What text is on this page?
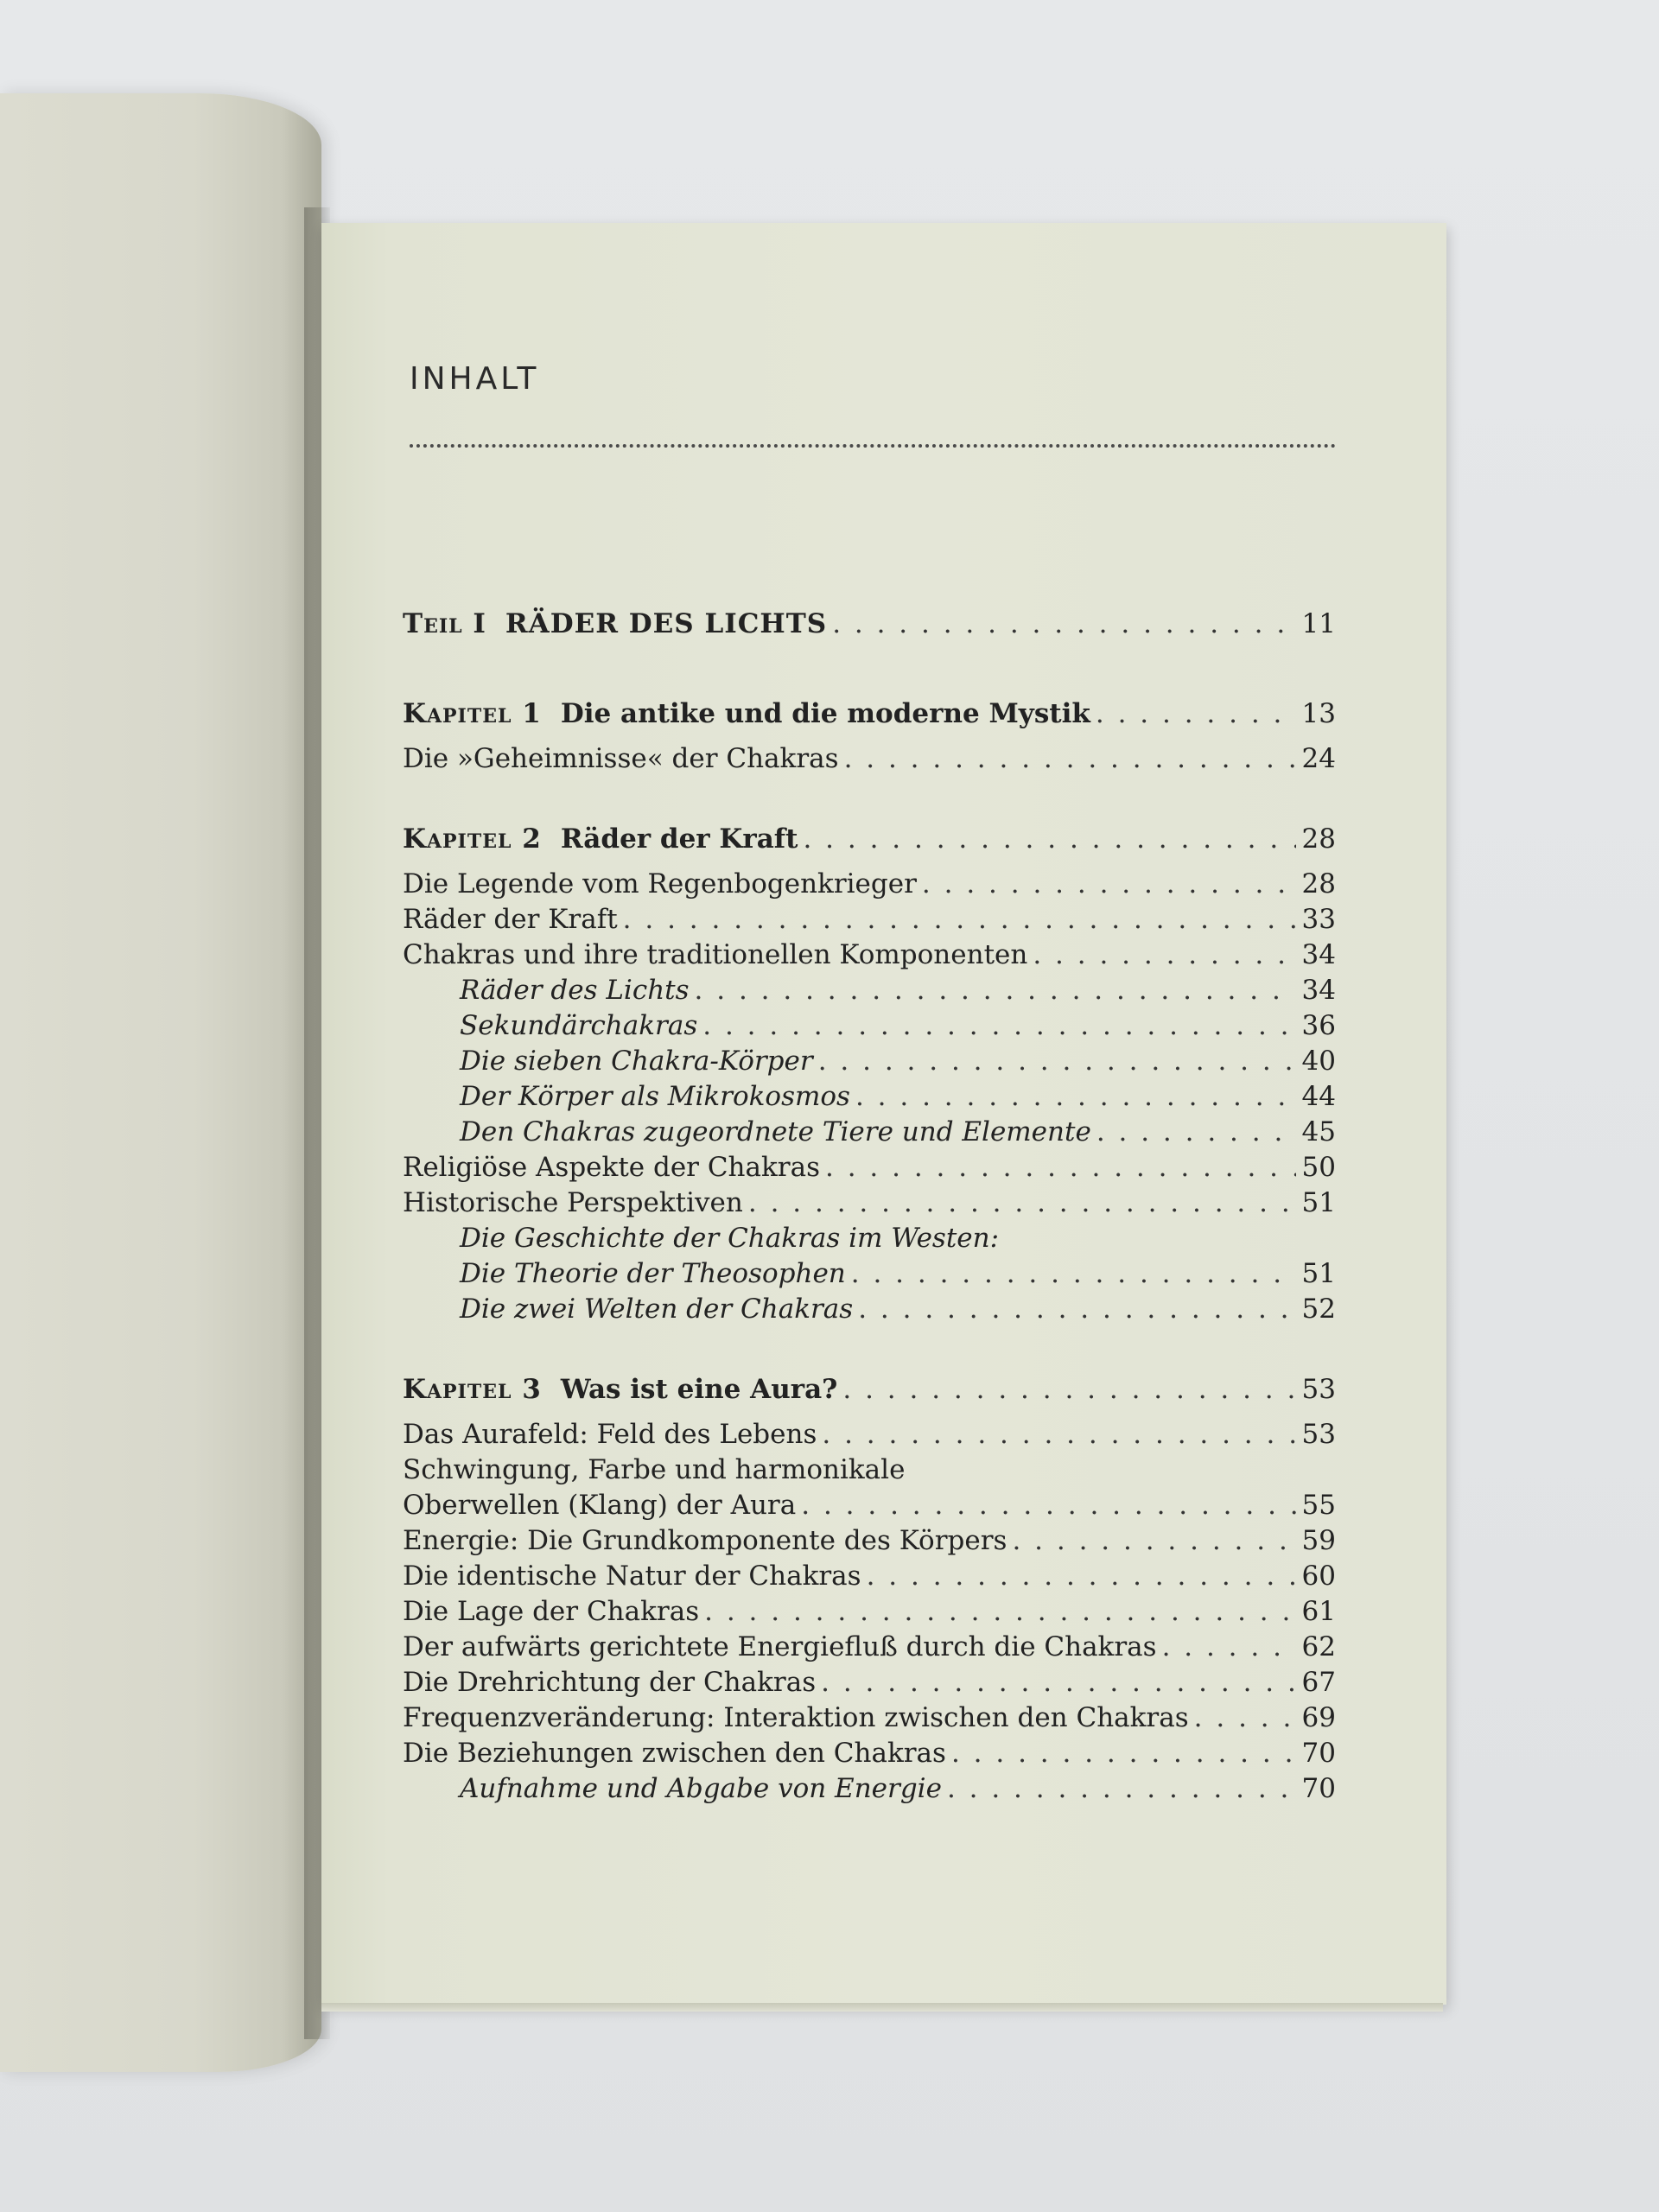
INHALT
Teil I RÄDER DES LICHTS . . .	11
Kapitel 1 Die antike und die moderne Mystik . . .	13
Die »Geheimnisse« der Chakras . . .	24
Kapitel 2 Räder der Kraft . . .	28
Die Legende vom Regenbogenkrieger . . .	28
Räder der Kraft . . .	33
Chakras und ihre traditionellen Komponenten . . .	34
Räder des Lichts . . .	34
Sekundärchakras . . .	36
Die sieben Chakra-Körper . . .	40
Der Körper als Mikrokosmos . . .	44
Den Chakras zugeordnete Tiere und Elemente . . .	45
Religiöse Aspekte der Chakras . . .	50
Historische Perspektiven . . .	51
Die Geschichte der Chakras im Westen:
Die Theorie der Theosophen . . .	51
Die zwei Welten der Chakras . . .	52
Kapitel 3 Was ist eine Aura? . . .	53
Das Aurafeld: Feld des Lebens . . .	53
Schwingung, Farbe und harmonikale
Oberwellen (Klang) der Aura . . .	55
Energie: Die Grundkomponente des Körpers . . .	59
Die identische Natur der Chakras . . .	60
Die Lage der Chakras . . .	61
Der aufwärts gerichtete Energiefluß durch die Chakras . . .	62
Die Drehrichtung der Chakras . . .	67
Frequenzveränderung: Interaktion zwischen den Chakras . . .	69
Die Beziehungen zwischen den Chakras . . .	70
Aufnahme und Abgabe von Energie . . .	70
